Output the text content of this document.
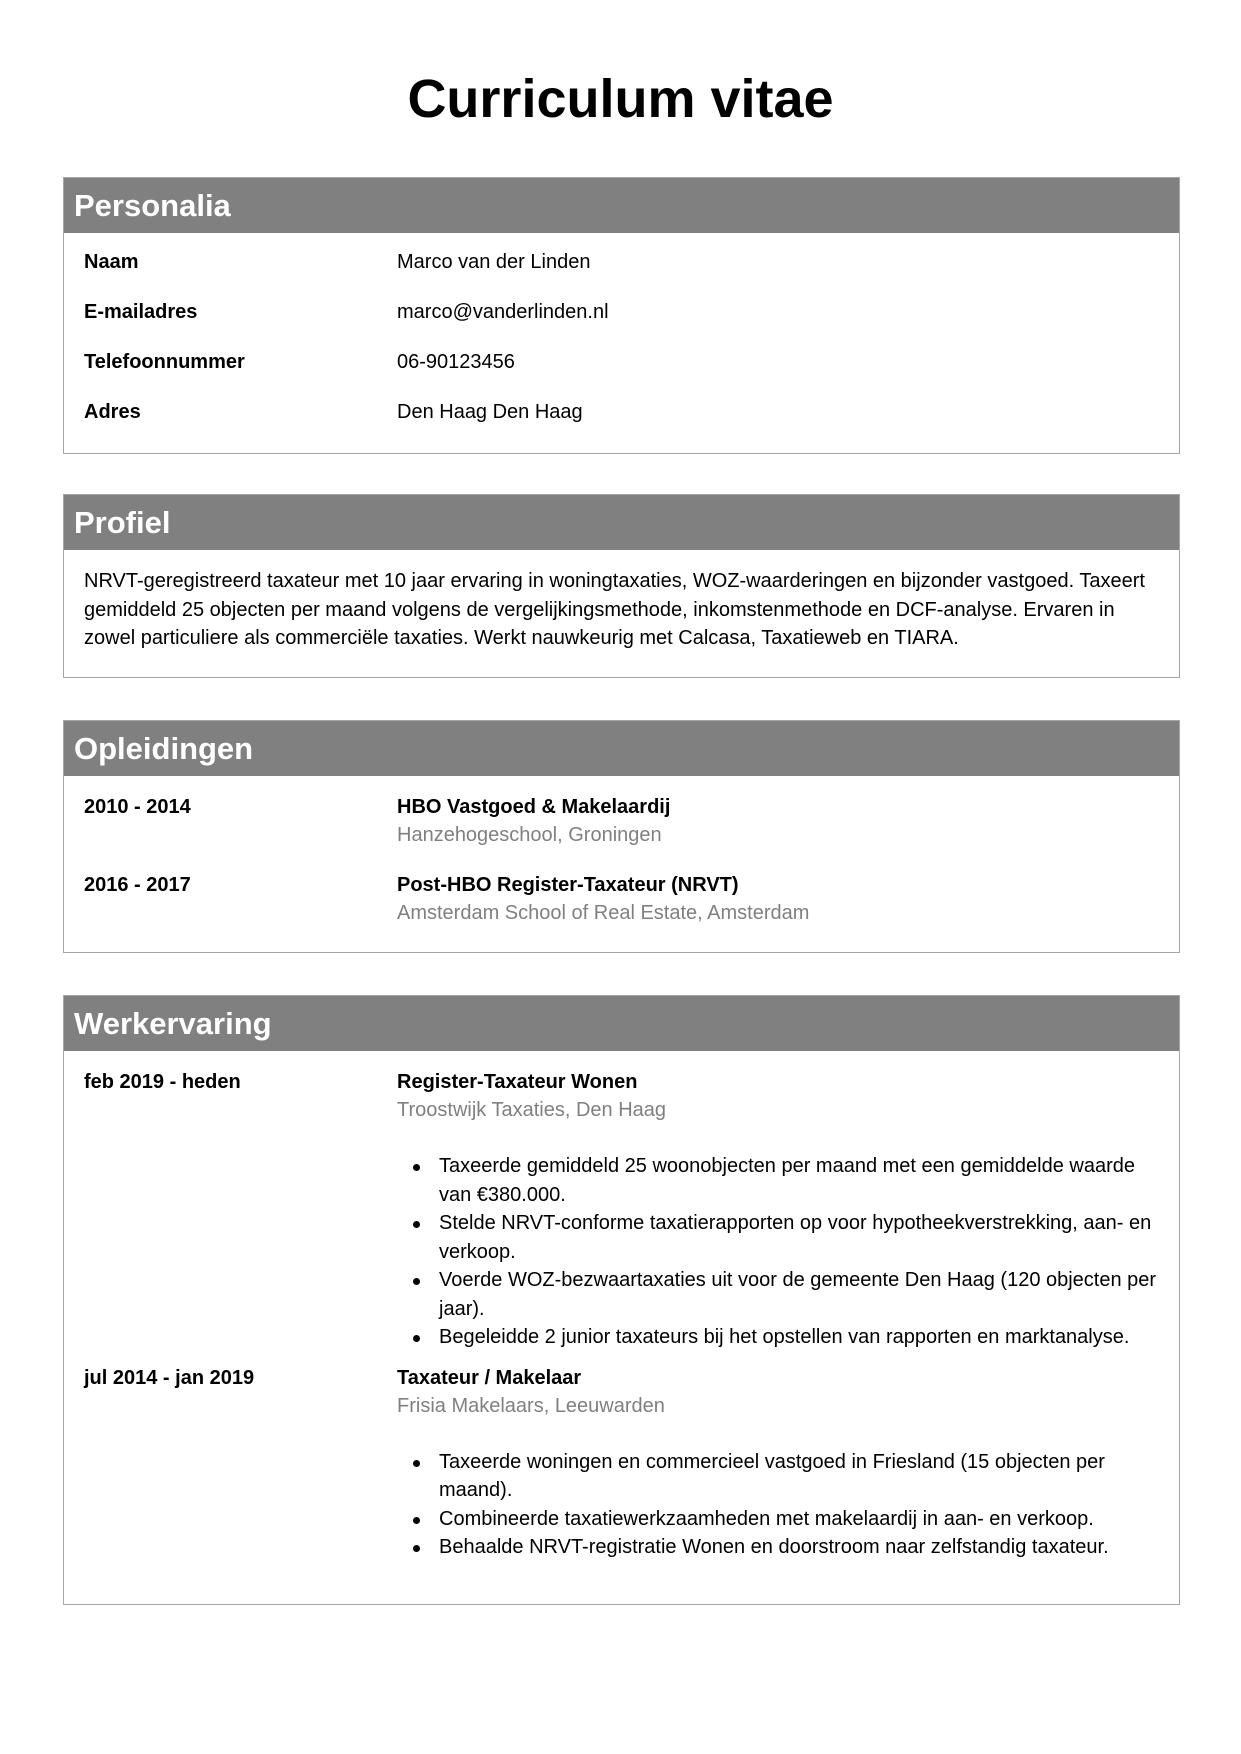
Curriculum vitae
Personalia
Naam	Marco van der Linden
E-mailadres	marco@vanderlinden.nl
Telefoonnummer	06-90123456
Adres	Den Haag Den Haag
Profiel

NRVT-geregistreerd taxateur met 10 jaar ervaring in woningtaxaties, WOZ-waarderingen en bijzonder vastgoed. Taxeert gemiddeld 25 objecten per maand volgens de vergelijkingsmethode, inkomstenmethode en DCF-analyse. Ervaren in zowel particuliere als commerciële taxaties. Werkt nauwkeurig met Calcasa, Taxatieweb en TIARA.

Opleidingen
2010 - 2014	HBO Vastgoed & Makelaardij
Hanzehogeschool, Groningen
2016 - 2017	Post-HBO Register-Taxateur (NRVT)
Amsterdam School of Real Estate, Amsterdam
Werkervaring
feb 2019 - heden	Register-Taxateur Wonen
Troostwijk Taxaties, Den Haag
Taxeerde gemiddeld 25 woonobjecten per maand met een gemiddelde waarde van €380.000.
Stelde NRVT-conforme taxatierapporten op voor hypotheekverstrekking, aan- en verkoop.
Voerde WOZ-bezwaartaxaties uit voor de gemeente Den Haag (120 objecten per jaar).
Begeleidde 2 junior taxateurs bij het opstellen van rapporten en marktanalyse.
jul 2014 - jan 2019	Taxateur / Makelaar
Frisia Makelaars, Leeuwarden
Taxeerde woningen en commercieel vastgoed in Friesland (15 objecten per maand).
Combineerde taxatiewerkzaamheden met makelaardij in aan- en verkoop.
Behaalde NRVT-registratie Wonen en doorstroom naar zelfstandig taxateur.
